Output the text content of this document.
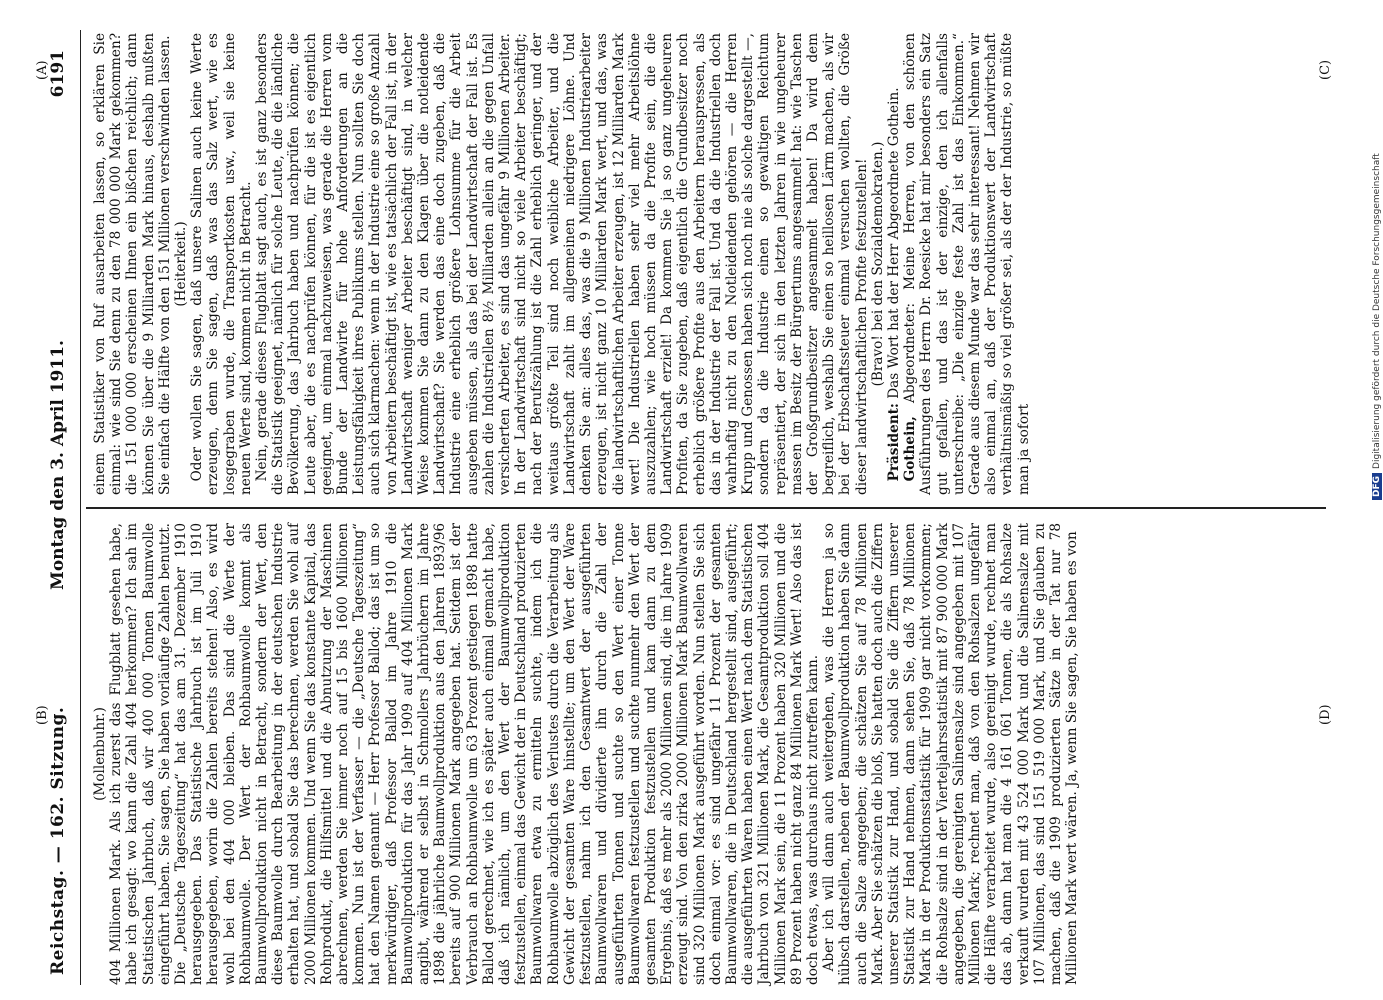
Reichstag. — 162. Sitzung.
Montag den 3. April 1911.
6191
(A)
(B)
(C)
(D)

(Mollenbuhr.) 404 Millionen Mark. Als ich zuerst das Flugblatt gesehen habe, habe ich gesagt: wo kann die Zahl 404 herkommen? Ich sah im Statistischen Jahrbuch, daß wir 400 000 Tonnen Baumwolle eingeführt haben. Sie sagen, Sie haben vorläufige Zahlen benutzt. Die „Deutsche Tageszeitung“ hat das am 31. Dezember 1910 herausgegeben. Das Statistische Jahrbuch ist im Juli 1910 herausgegeben, worin die Zahlen bereits stehen! Also, es wird wohl bei den 404 000 bleiben. Das sind die Werte der Rohbaumwolle. Der Wert der Rohbaumwolle kommt als Baumwollproduktion nicht in Betracht, sondern der Wert, den diese Baumwolle durch Bearbeitung in der deutschen Industrie erhalten hat, und sobald Sie das berechnen, werden Sie wohl auf 2000 Millionen kommen. Und wenn Sie das konstante Kapital, das Rohprodukt, die Hilfsmittel und die Abnutzung der Maschinen abrechnen, werden Sie immer noch auf 15 bis 1600 Millionen kommen. Nun ist der Verfasser — die „Deutsche Tageszeitung“ hat den Namen genannt — Herr Professor Ballod; das ist um so merkwürdiger, daß Professor Ballod im Jahre 1910 die Baumwollproduktion für das Jahr 1909 auf 404 Millionen Mark angibt, während er selbst in Schmollers Jahrbüchern im Jahre 1898 die jährliche Baumwollproduktion aus den Jahren 1893/96 bereits auf 900 Millionen Mark angegeben hat. Seitdem ist der Verbrauch an Rohbaumwolle um 63 Prozent gestiegen 1898 hatte Ballod gerechnet, wie ich es später auch einmal gemacht habe, daß ich nämlich, um den Wert der Baumwollproduktion festzustellen, einmal das Gewicht der in Deutschland produzierten Baumwollwaren etwa zu ermitteln suchte, indem ich die Rohbaumwolle abzüglich des Verlustes durch die Verarbeitung als Gewicht der gesamten Ware hinstellte; um den Wert der Ware festzustellen, nahm ich den Gesamtwert der ausgeführten Baumwollwaren und dividierte ihn durch die Zahl der ausgeführten Tonnen und suchte so den Wert einer Tonne Baumwollwaren festzustellen und suchte nunmehr den Wert der gesamten Produktion festzustellen und kam dann zu dem Ergebnis, daß es mehr als 2000 Millionen sind, die im Jahre 1909 erzeugt sind. Von den zirka 2000 Millionen Mark Baumwollwaren sind 320 Millionen Mark ausgeführt worden. Nun stellen Sie sich doch einmal vor: es sind ungefähr 11 Prozent der gesamten Baumwollwaren, die in Deutschland hergestellt sind, ausgeführt; die ausgeführten Waren haben einen Wert nach dem Statistischen Jahrbuch von 321 Millionen Mark, die Gesamtproduktion soll 404 Millionen Mark sein, die 11 Prozent haben 320 Millionen und die 89 Prozent haben nicht ganz 84 Millionen Mark Wert! Also das ist doch etwas, was durchaus nicht zutreffen kann. Aber ich will dann auch weitergehen, was die Herren ja so hübsch darstellen, neben der Baumwollproduktion haben Sie dann auch die Salze angegeben; die schätzen Sie auf 78 Millionen Mark. Aber Sie schätzen die bloß, Sie hatten doch auch die Ziffern unserer Statistik zur Hand, und sobald Sie die Ziffern unserer Statistik zur Hand nehmen, dann sehen Sie, daß 78 Millionen Mark in der Produktionsstatistik für 1909 gar nicht vorkommen; die Rohsalze sind in der Vierteljahrsstatistik mit 87 900 000 Mark angegeben, die gereinigten Salinensalze sind angegeben mit 107 Millionen Mark; rechnet man, daß von den Rohsalzen ungefähr die Hälfte verarbeitet wurde, also gereinigt wurde, rechnet man das ab, dann hat man die 4 161 061 Tonnen, die als Rohsalze verkauft wurden mit 43 524 000 Mark und die Salinensalze mit 107 Millionen, das sind 151 519 000 Mark, und Sie glauben zu machen, daß die 1909 produzierten Sätze in der Tat nur 78 Millionen Mark wert wären. Ja, wenn Sie sagen, Sie haben es von

einem Statistiker von Ruf ausarbeiten lassen, so erklären Sie einmal: wie sind Sie denn zu den 78 000 000 Mark gekommen? die 151 000 000 erscheinen Ihnen ein bißchen reichlich; dann können Sie über die 9 Milliarden Mark hinaus, deshalb mußten Sie einfach die Hälfte von den 151 Millionen verschwinden lassen. (Heiterkeit.) Oder wollen Sie sagen, daß unsere Salinen auch keine Werte erzeugen, denn Sie sagen, daß was das Salz wert, wie es losgegraben wurde, die Transportkosten usw., weil sie keine neuen Werte sind, kommen nicht in Betracht. Nein, gerade dieses Flugblatt sagt auch, es ist ganz besonders die Statistik geeignet, nämlich für solche Leute, die die ländliche Bevölkerung, das Jahrbuch haben und nachprüfen können; die Leute aber, die es nachprüfen können, für die ist es eigentlich geeignet, um einmal nachzuweisen, was gerade die Herren vom Bunde der Landwirte für hohe Anforderungen an die Leistungsfähigkeit ihres Publikums stellen. Nun sollten Sie doch auch sich klarmachen: wenn in der Industrie eine so große Anzahl von Arbeitern beschäftigt ist, wie es tatsächlich der Fall ist, in der Landwirtschaft weniger Arbeiter beschäftigt sind, in welcher Weise kommen Sie dann zu den Klagen über die notleidende Landwirtschaft? Sie werden das eine doch zugeben, daß die Industrie eine erheblich größere Lohnsumme für die Arbeit ausgeben müssen, als das bei der Landwirtschaft der Fall ist. Es zahlen die Industriellen 8½ Milliarden allein an die gegen Unfall versicherten Arbeiter, es sind das ungefähr 9 Millionen Arbeiter. In der Landwirtschaft sind nicht so viele Arbeiter beschäftigt; nach der Berufszählung ist die Zahl erheblich geringer, und der weitaus größte Teil sind noch weibliche Arbeiter, und die Landwirtschaft zahlt im allgemeinen niedrigere Löhne. Und denken Sie an: alles das, was die 9 Millionen Industriearbeiter erzeugen, ist nicht ganz 10 Milliarden Mark wert, und das, was die landwirtschaftlichen Arbeiter erzeugen, ist 12 Milliarden Mark wert! Die Industriellen haben sehr viel mehr Arbeitslöhne auszuzahlen; wie hoch müssen da die Profite sein, die die Landwirtschaft erzielt! Da kommen Sie ja so ganz ungeheuren Profiten, da Sie zugeben, daß eigentlich die Grundbesitzer noch erheblich größere Profite aus den Arbeitern herauspressen, als das in der Industrie der Fall ist. Und da die Industriellen doch wahrhaftig nicht zu den Notleidenden gehören — die Herren Krupp und Genossen haben sich noch nie als solche dargestellt —, sondern da die Industrie einen so gewaltigen Reichtum repräsentiert, der sich in den letzten Jahren in wie ungeheurer massen im Besitz der Bürgertums angesammelt hat: wie Taschen der Großgrundbesitzer angesammelt haben! Da wird dem begreiflich, weshalb Sie einen so heillosen Lärm machen, als wir bei der Erbschaftssteuer einmal versuchen wollten, die Größe dieser landwirtschaftlichen Profite festzustellen! (Bravo! bei den Sozialdemokraten.)

Präsident: Das Wort hat der Herr Abgeordnete Gothein.

Gothein, Abgeordneter: Meine Herren, von den schönen Ausführungen des Herrn Dr. Roesicke hat mir besonders ein Satz gut gefallen, und das ist der einzige, den ich allenfalls unterschreibe: „Die einzige feste Zahl ist das Einkommen.“ Gerade aus diesem Munde war das sehr interessant! Nehmen wir also einmal an, daß der Produktionswert der Landwirtschaft verhältnismäßig so viel größer sei, als der der Industrie, so müßte man ja sofort	DFGDigitalisierung gefördert durch die Deutsche Forschungsgemeinschaft
